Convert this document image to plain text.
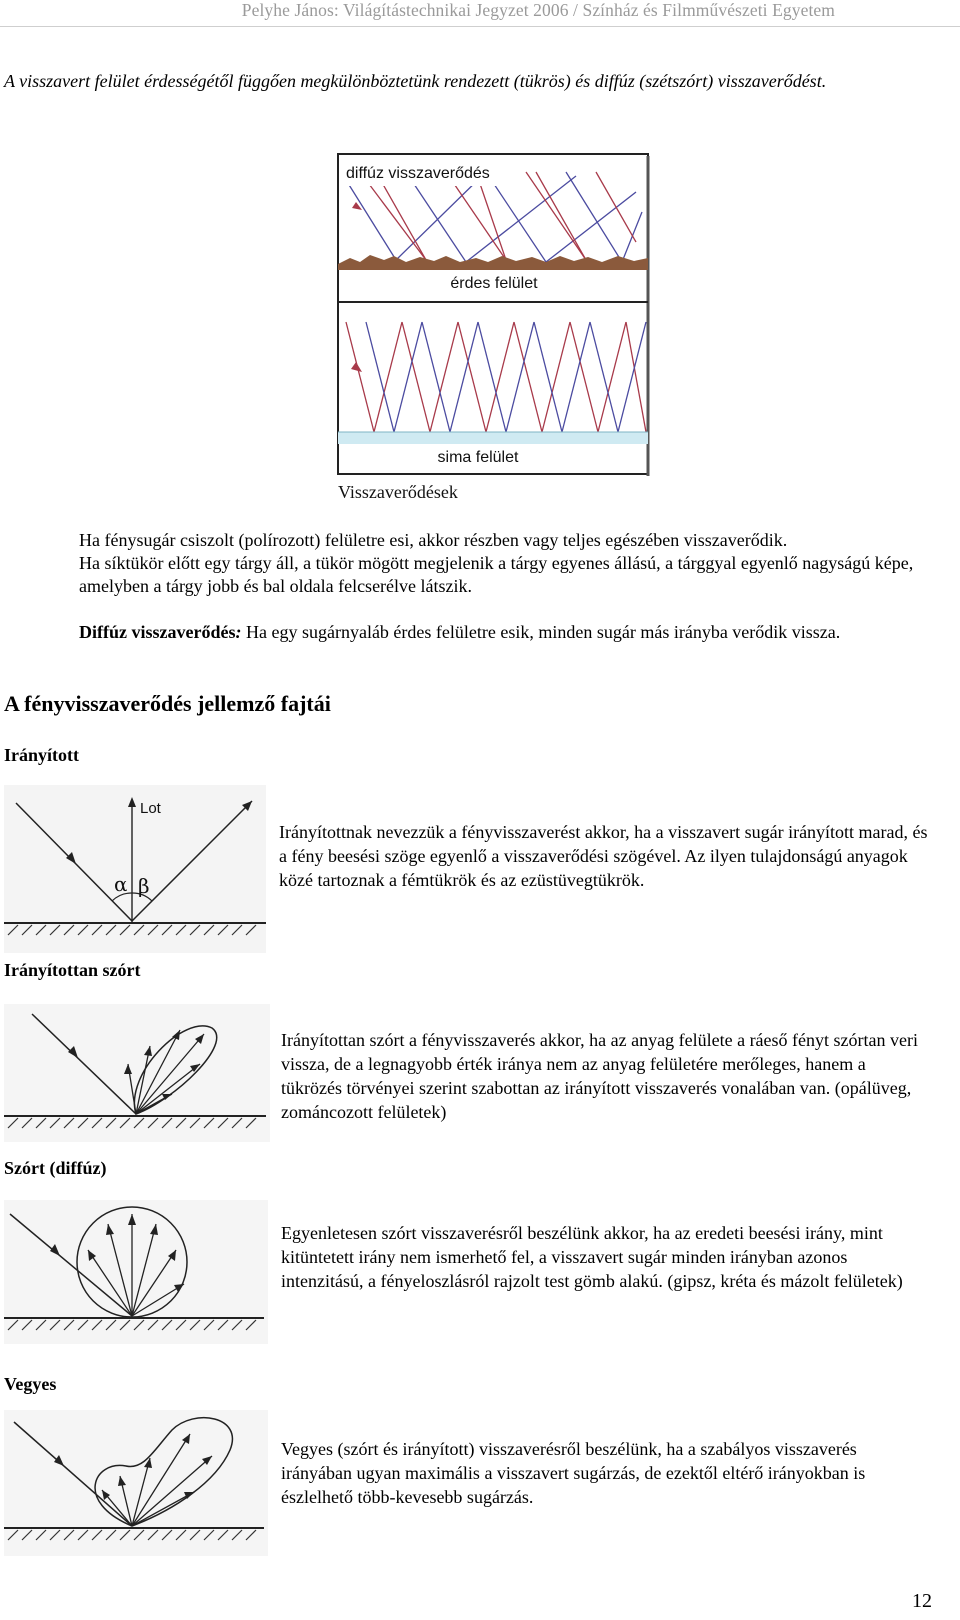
Pelyhe János: Világítástechnikai Jegyzet 2006 / Színház és Filmművészeti Egyetem
A visszavert felület érdességétől függően megkülönböztetünk rendezett (tükrös) és diffúz (szétszórt) visszaverődést.
diffúz visszaverődés
érdes felület
sima felület
Visszaverődések
Ha fénysugár csiszolt (polírozott) felületre esi, akkor részben vagy teljes egészében visszaverődik.
Ha síktükör előtt egy tárgy áll, a tükör mögött megjelenik a tárgy egyenes állású, a tárggyal egyenlő nagyságú képe, amelyben a tárgy jobb és bal oldala felcserélve látszik.
Diffúz visszaverődés: Ha egy sugárnyaláb érdes felületre esik, minden sugár más irányba verődik vissza.
A fényvisszaverődés jellemző fajtái
Irányított
Lot
α β
Irányítottnak nevezzük a fényvisszaverést akkor, ha a visszavert sugár irányított marad, és a fény beesési szöge egyenlő a visszaverődési szögével. Az ilyen tulajdonságú anyagok közé tartoznak a fémtükrök és az ezüstüvegtükrök.
Irányítottan szórt
Irányítottan szórt a fényvisszaverés akkor, ha az anyag felülete a ráeső fényt szórtan veri vissza, de a legnagyobb érték iránya nem az anyag felületére merőleges, hanem a tükrözés törvényei szerint szabottan az irányított visszaverés vonalában van. (opálüveg, zománcozott felületek)
Szórt (diffúz)
Egyenletesen szórt visszaverésről beszélünk akkor, ha az eredeti beesési irány, mint kitüntetett irány nem ismerhető fel, a visszavert sugár minden irányban azonos intenzitású, a fényeloszlásról rajzolt test gömb alakú. (gipsz, kréta és mázolt felületek)
Vegyes
Vegyes (szórt és irányított) visszaverésről beszélünk, ha a szabályos visszaverés irányában ugyan maximális a visszavert sugárzás, de ezektől eltérő irányokban is észlelhető több-kevesebb sugárzás.
12
